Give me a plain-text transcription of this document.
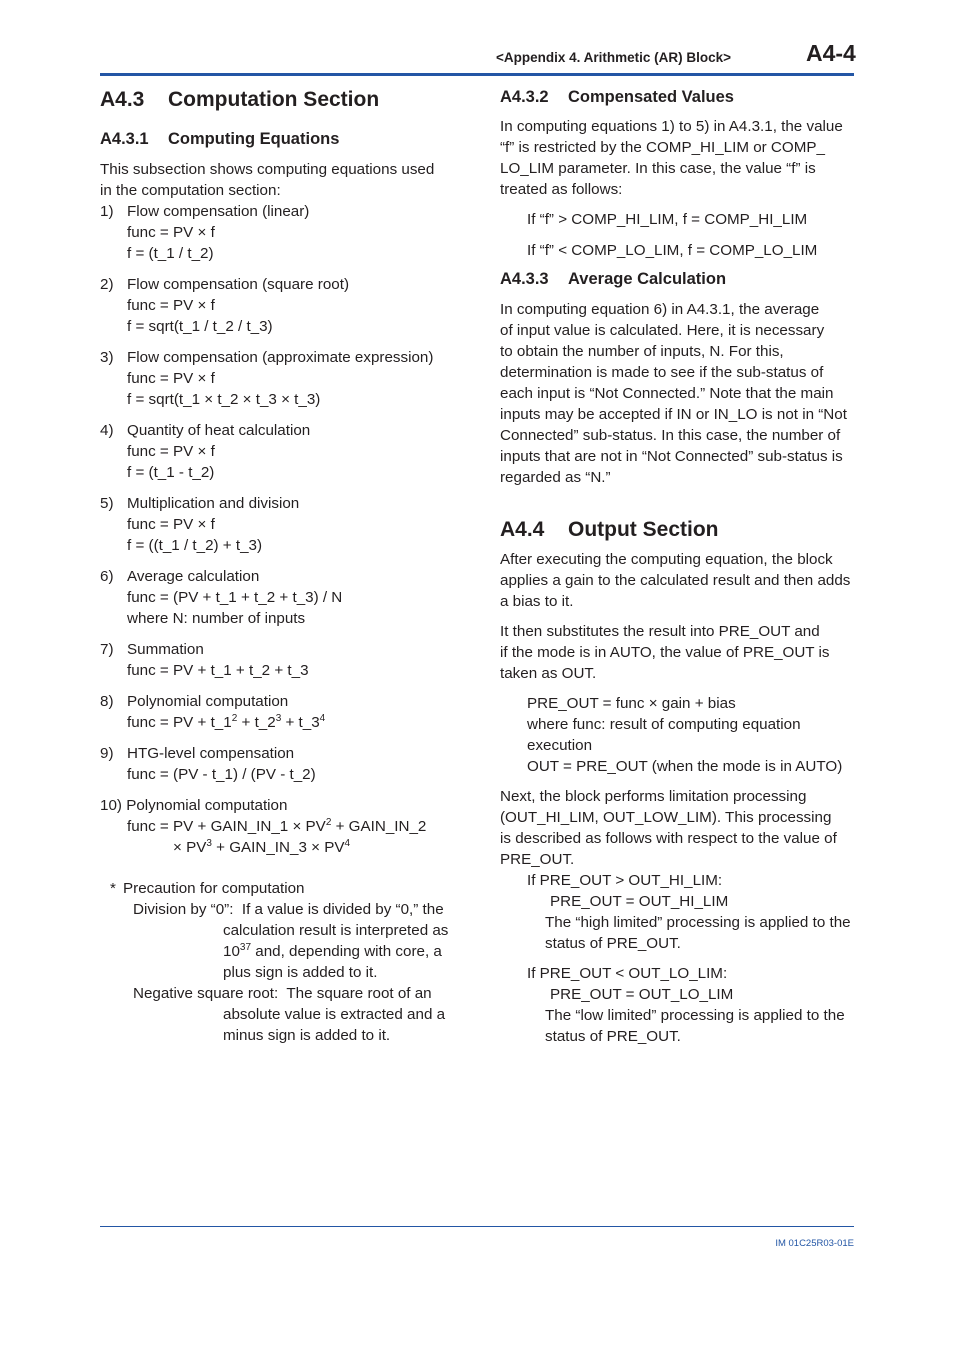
<Appendix 4. Arithmetic (AR) Block>	A4-4
A4.3 Computation Section
A4.3.1 Computing Equations

This subsection shows computing equations used
in the computation section:

1) Flow compensation (linear)
func = PV × f
f = (t_1 / t_2)
2) Flow compensation (square root)
func = PV × f
f = sqrt(t_1 / t_2 / t_3)
3) Flow compensation (approximate expression)
func = PV × f
f = sqrt(t_1 × t_2 × t_3 × t_3)
4) Quantity of heat calculation
func = PV × f
f = (t_1 - t_2)
5) Multiplication and division
func = PV × f
f = ((t_1 / t_2) + t_3)
6) Average calculation
func = (PV + t_1 + t_2 + t_3) / N
where N: number of inputs
7) Summation
func = PV + t_1 + t_2 + t_3
8) Polynomial computation
func = PV + $t\_1^2$ + $t\_2^3$ + $t\_3^4$
9) HTG-level compensation
func = (PV - t_1) / (PV - t_2)
10) Polynomial computation
func = PV + GAIN_IN_1 × $PV^2$ + GAIN_IN_2
× $PV^3$ + GAIN_IN_3 × $PV^4$
* Precaution for computation
Division by “0”: If a value is divided by “0,” the
calculation result is interpreted as
$10^{37}$ and, depending with core, a
plus sign is added to it.
Negative square root: The square root of an
absolute value is extracted and a
minus sign is added to it.
A4.3.2 Compensated Values

In computing equations 1) to 5) in A4.3.1, the value
“f” is restricted by the COMP_HI_LIM or COMP_
LO_LIM parameter. In this case, the value “f” is
treated as follows:

If “f” > COMP_HI_LIM, f = COMP_HI_LIM
If “f” < COMP_LO_LIM, f = COMP_LO_LIM
A4.3.3 Average Calculation

In computing equation 6) in A4.3.1, the average
of input value is calculated. Here, it is necessary
to obtain the number of inputs, N. For this,
determination is made to see if the sub-status of
each input is “Not Connected.” Note that the main
inputs may be accepted if IN or IN_LO is not in “Not
Connected” sub-status. In this case, the number of
inputs that are not in “Not Connected” sub-status is
regarded as “N.”

A4.4 Output Section

After executing the computing equation, the block
applies a gain to the calculated result and then adds
a bias to it.

It then substitutes the result into PRE_OUT and
if the mode is in AUTO, the value of PRE_OUT is
taken as OUT.

PRE_OUT = func × gain + bias
where func: result of computing equation
execution
OUT = PRE_OUT (when the mode is in AUTO)

Next, the block performs limitation processing
(OUT_HI_LIM, OUT_LOW_LIM). This processing
is described as follows with respect to the value of
PRE_OUT.

If PRE_OUT > OUT_HI_LIM:
PRE_OUT = OUT_HI_LIM
The “high limited” processing is applied to the
status of PRE_OUT.
If PRE_OUT < OUT_LO_LIM:
PRE_OUT = OUT_LO_LIM
The “low limited” processing is applied to the
status of PRE_OUT.
IM 01C25R03-01E
